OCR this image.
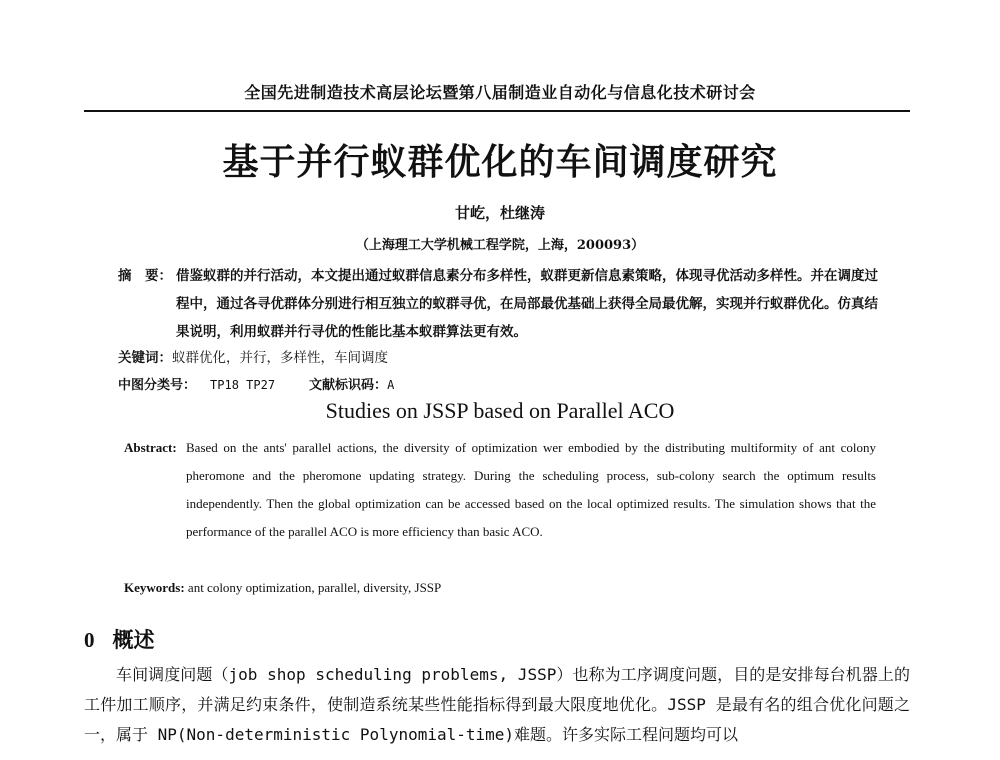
全国先进制造技术高层论坛暨第八届制造业自动化与信息化技术研讨会
基于并行蚁群优化的车间调度研究
甘屹，杜继涛
（上海理工大学机械工程学院，上海，200093）
摘　要： 借鉴蚁群的并行活动，本文提出通过蚁群信息素分布多样性，蚁群更新信息素策略，体现寻优活动多样性。并在调度过程中，通过各寻优群体分别进行相互独立的蚁群寻优，在局部最优基础上获得全局最优解，实现并行蚁群优化。仿真结果说明，利用蚁群并行寻优的性能比基本蚁群算法更有效。
关键词：蚁群优化，并行，多样性，车间调度
中图分类号： TP18 TP27	文献标识码：A
Studies on JSSP based on Parallel ACO
Abstract: Based on the ants' parallel actions, the diversity of optimization wer embodied by the distributing multiformity of ant colony pheromone and the pheromone updating strategy. During the scheduling process, sub-colony search the optimum results independently. Then the global optimization can be accessed based on the local optimized results. The simulation shows that the performance of the parallel ACO is more efficiency than basic ACO.
Keywords: ant colony optimization, parallel, diversity, JSSP
0 概述

车间调度问题（job shop scheduling problems, JSSP）也称为工序调度问题，目的是安排每台机器上的工件加工顺序，并满足约束条件，使制造系统某些性能指标得到最大限度地优化。JSSP 是最有名的组合优化问题之一，属于 NP(Non-deterministic Polynomial-time)难题。许多实际工程问题均可以
